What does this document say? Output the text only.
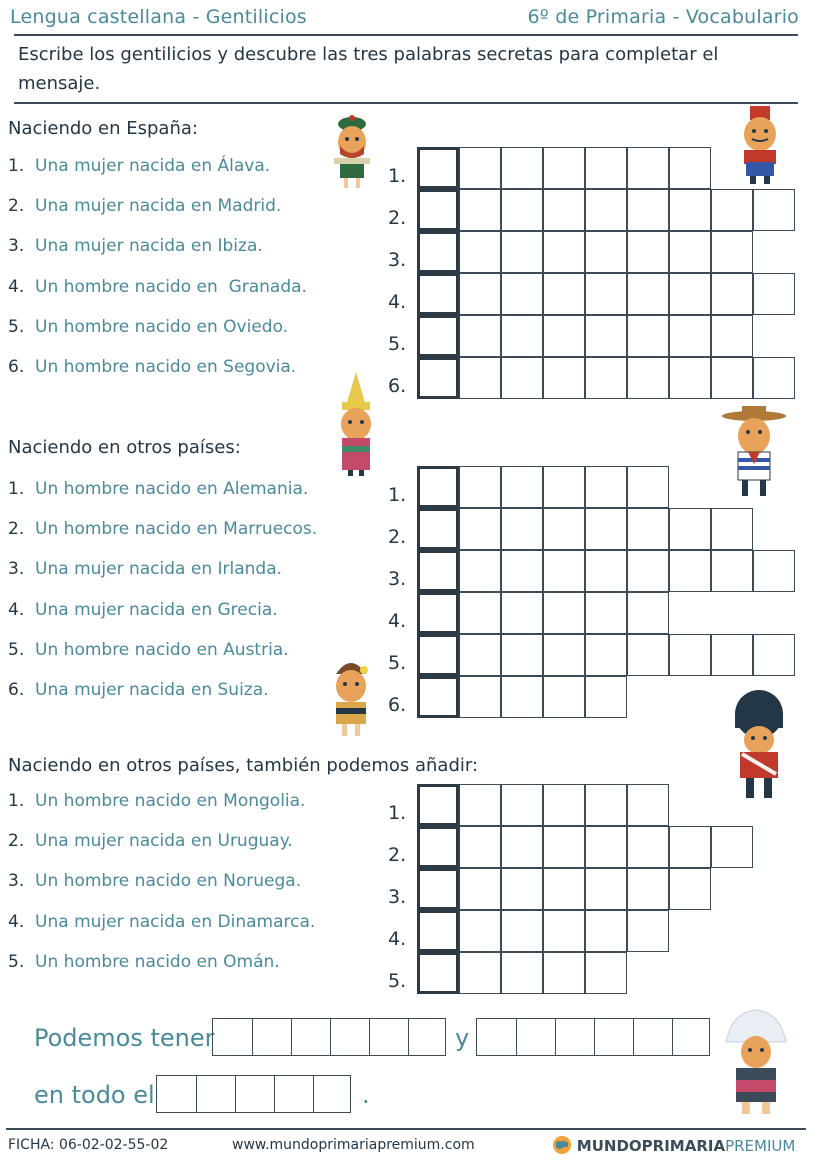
Lengua castellana - Gentilicios	6º de Primaria - Vocabulario
Escribe los gentilicios y descubre las tres palabras secretas para completar el mensaje.
Naciendo en España:
Naciendo en otros países:
Naciendo en otros países, también podemos añadir:
1.  Una mujer nacida en Álava.
2.  Una mujer nacida en Madrid.
3.  Una mujer nacida en Ibiza.
4.  Un hombre nacido en  Granada.
5.  Un hombre nacido en Oviedo.
6.  Un hombre nacido en Segovia.
1.  Un hombre nacido en Alemania.
2.  Un hombre nacido en Marruecos.
3.  Una mujer nacida en Irlanda.
4.  Una mujer nacida en Grecia.
5.  Un hombre nacido en Austria.
6.  Una mujer nacida en Suiza.
1.  Un hombre nacido en Mongolia.
2.  Una mujer nacida en Uruguay.
3.  Un hombre nacido en Noruega.
4.  Una mujer nacida en Dinamarca.
5.  Un hombre nacido en Omán.
1.
2.
3.
4.
5.
6.
1.
2.
3.
4.
5.
6.
1.
2.
3.
4.
5.
Podemos tener	y
en todo el	.
FICHA: 06-02-02-55-02	www.mundoprimariapremium.com	MUNDOPRIMARIAPREMIUM
